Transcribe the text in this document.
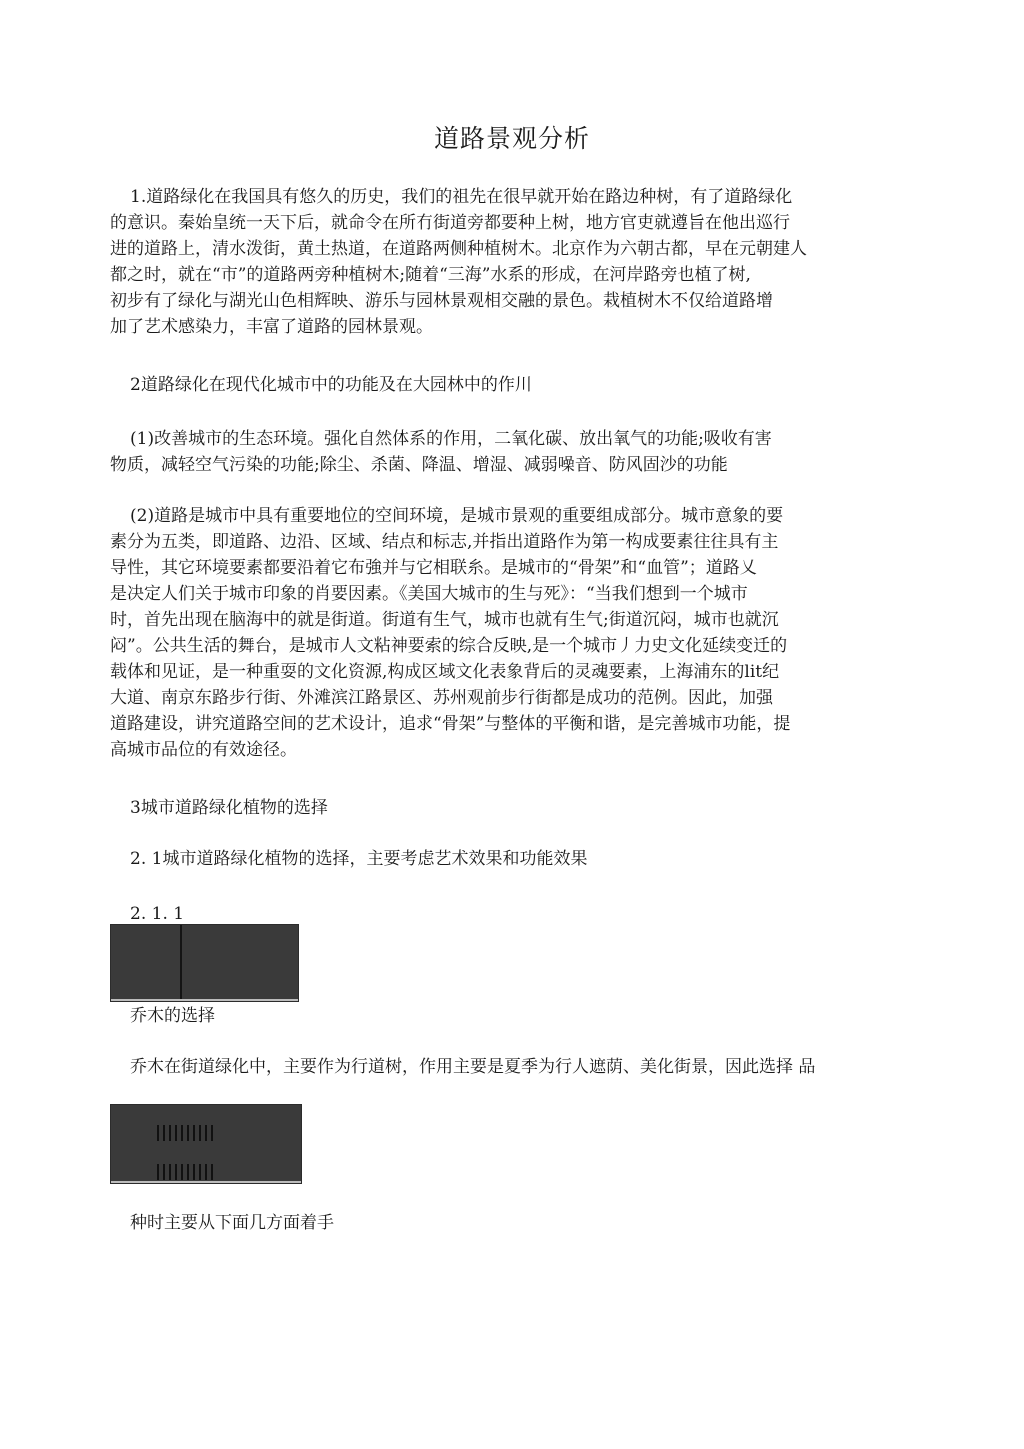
道路景观分析
1.道路绿化在我国具有悠久的历史，我们的祖先在很早就开始在路边种树，有了道路绿化
的意识。秦始皇统一天下后，就命令在所冇街道旁都要种上树，地方官吏就遵旨在他出巡行
进的道路上，清水泼街，黄土热道，在道路两侧种植树木。北京作为六朝古都，早在元朝建人
都之时，就在“市”的道路两旁种植树木;随着“三海”水系的形成，在河岸路旁也植了树,
初步有了绿化与湖光山色相辉映、游乐与园林景观相交融的景色。栽植树木不仅给道路增
加了艺术感染力，丰富了道路的园林景观。
2道路绿化在现代化城市中的功能及在大园林中的作川
(1)改善城市的生态环境。强化自然体系的作用，二氧化碳、放出氧气的功能;吸收有害
物质，减轻空气污染的功能;除尘、杀菌、降温、增湿、减弱噪音、防风固沙的功能
(2)道路是城市中具有重要地位的空间环境，是城市景观的重要组成部分。城市意象的要
素分为五类，即道路、边沿、区域、结点和标志,并指出道路作为第一构成要素往往具有主
导性，其它环境要素都要沿着它布強并与它相联糸。是城市的“骨架”和“血管”；道路乂
是决定人们关于城市印象的肖要因素。《美国大城市的生与死》：“当我们想到一个城市
时，首先出现在脑海中的就是街道。街道有生气，城市也就有生气;街道沉闷，城市也就沉
闷”。公共生活的舞台，是城市人文粘神要索的综合反映,是一个城市丿力史文化延续变迁的
载体和见证，是一种重耍的文化资源,构成区域文化表象背后的灵魂要素，上海浦东的lit纪
大道、南京东路步行街、外滩滨江路景区、苏州观前步行街都是成功的范例。因此，加强
道路建设，讲究道路空间的艺术设计，追求“骨架”与整体的平衡和谐，是完善城市功能，提
高城市品位的有效途径。
3城市道路绿化植物的选择
2. 1城市道路绿化植物的选择，主要考虑艺术效果和功能效果
2. 1. 1
乔木的选择
乔木在街道绿化中，主要作为行道树，作用主要是夏季为行人遮荫、美化街景，因此选择 品
种时主要从下面几方面着手
